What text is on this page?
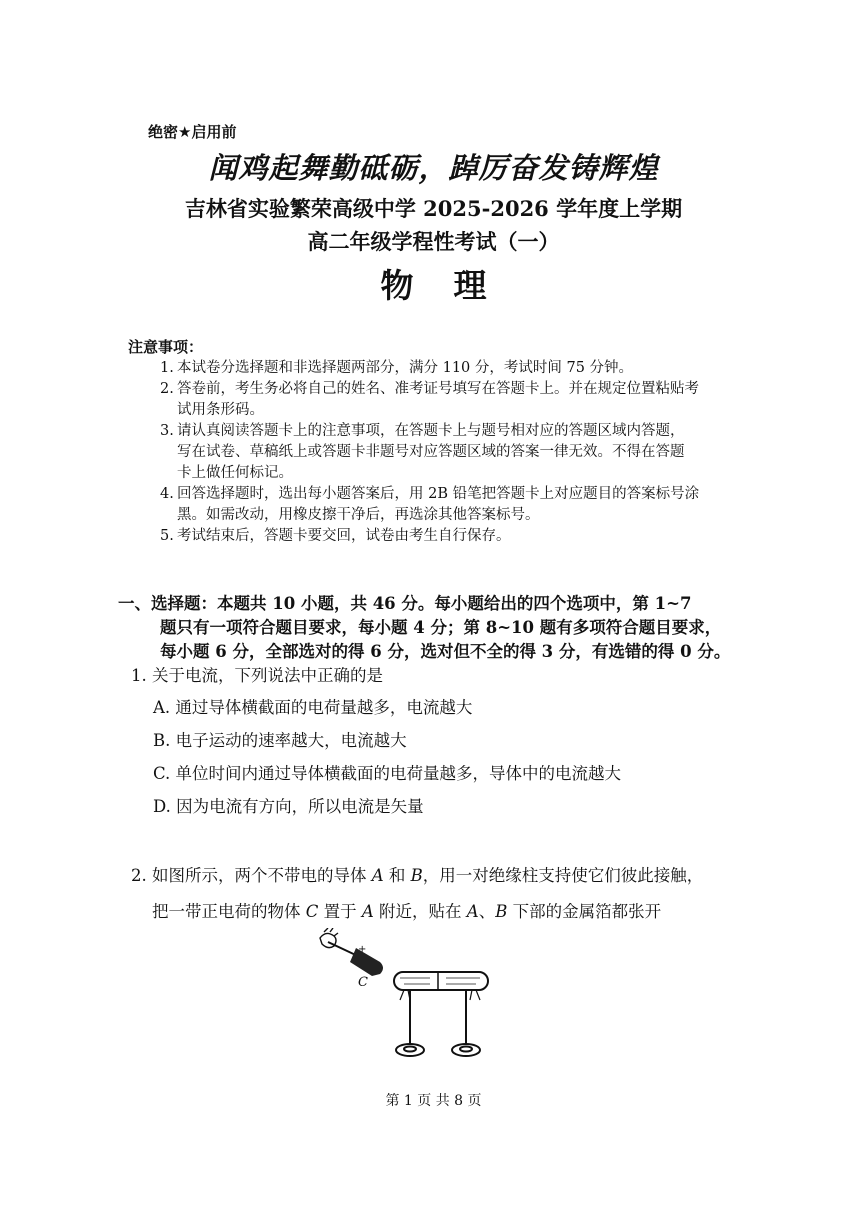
绝密★启用前
闻鸡起舞勤砥砺，踔厉奋发铸辉煌
吉林省实验繁荣高级中学 2025-2026 学年度上学期
高二年级学程性考试（一）
物理
注意事项：
1. 本试卷分选择题和非选择题两部分，满分 110 分，考试时间 75 分钟。
2. 答卷前，考生务必将自己的姓名、准考证号填写在答题卡上。并在规定位置粘贴考
试用条形码。
3. 请认真阅读答题卡上的注意事项，在答题卡上与题号相对应的答题区域内答题，
写在试卷、草稿纸上或答题卡非题号对应答题区域的答案一律无效。不得在答题
卡上做任何标记。
4. 回答选择题时，选出每小题答案后，用 2B 铅笔把答题卡上对应题目的答案标号涂
黑。如需改动，用橡皮擦干净后，再选涂其他答案标号。
5. 考试结束后，答题卡要交回，试卷由考生自行保存。
一、选择题：本题共 10 小题，共 46 分。每小题给出的四个选项中，第 1~7
题只有一项符合题目要求，每小题 4 分；第 8~10 题有多项符合题目要求，
每小题 6 分，全部选对的得 6 分，选对但不全的得 3 分，有选错的得 0 分。
1. 关于电流，下列说法中正确的是
A. 通过导体横截面的电荷量越多，电流越大
B. 电子运动的速率越大，电流越大
C. 单位时间内通过导体横截面的电荷量越多，导体中的电流越大
D. 因为电流有方向，所以电流是矢量
2. 如图所示，两个不带电的导体 A 和 B，用一对绝缘柱支持使它们彼此接触，
把一带正电荷的物体 C 置于 A 附近，贴在 A、B 下部的金属箔都张开
+
C
第 1 页 共 8 页
